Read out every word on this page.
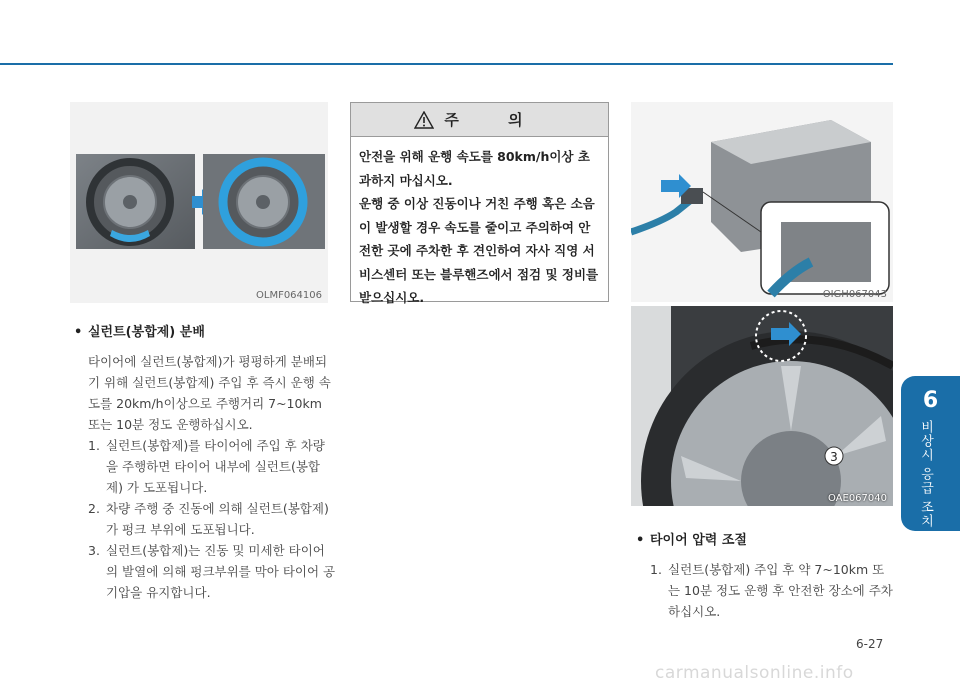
6
비상시 응급 조치
OLMF064106	OIGH067043
3
OAE067040
• 실런트(봉합제) 분배

타이어에 실런트(봉합제)가 평평하게 분배되기 위해 실런트(봉합제) 주입 후 즉시 운행 속도를 20km/h이상으로 주행거리 7~10km 또는 10분 정도 운행하십시오.

1. 실런트(봉합제)를 타이어에 주입 후 차량을 주행하면 타이어 내부에 실런트(봉합제) 가 도포됩니다.
2. 차량 주행 중 진동에 의해 실런트(봉합제)가 펑크 부위에 도포됩니다.
3. 실런트(봉합제)는 진동 및 미세한 타이어의 발열에 의해 펑크부위를 막아 타이어 공기압을 유지합니다.
주 의
안전을 위해 운행 속도를 80km/h이상 초과하지 마십시오.
운행 중 이상 진동이나 거친 주행 혹은 소음이 발생할 경우 속도를 줄이고 주의하여 안전한 곳에 주차한 후 견인하여 자사 직영 서비스센터 또는 블루핸즈에서 점검 및 정비를 받으십시오.
• 타이어 압력 조절
1. 실런트(봉합제) 주입 후 약 7~10km 또는 10분 정도 운행 후 안전한 장소에 주차하십시오.
6-27
carmanualsonline.info
